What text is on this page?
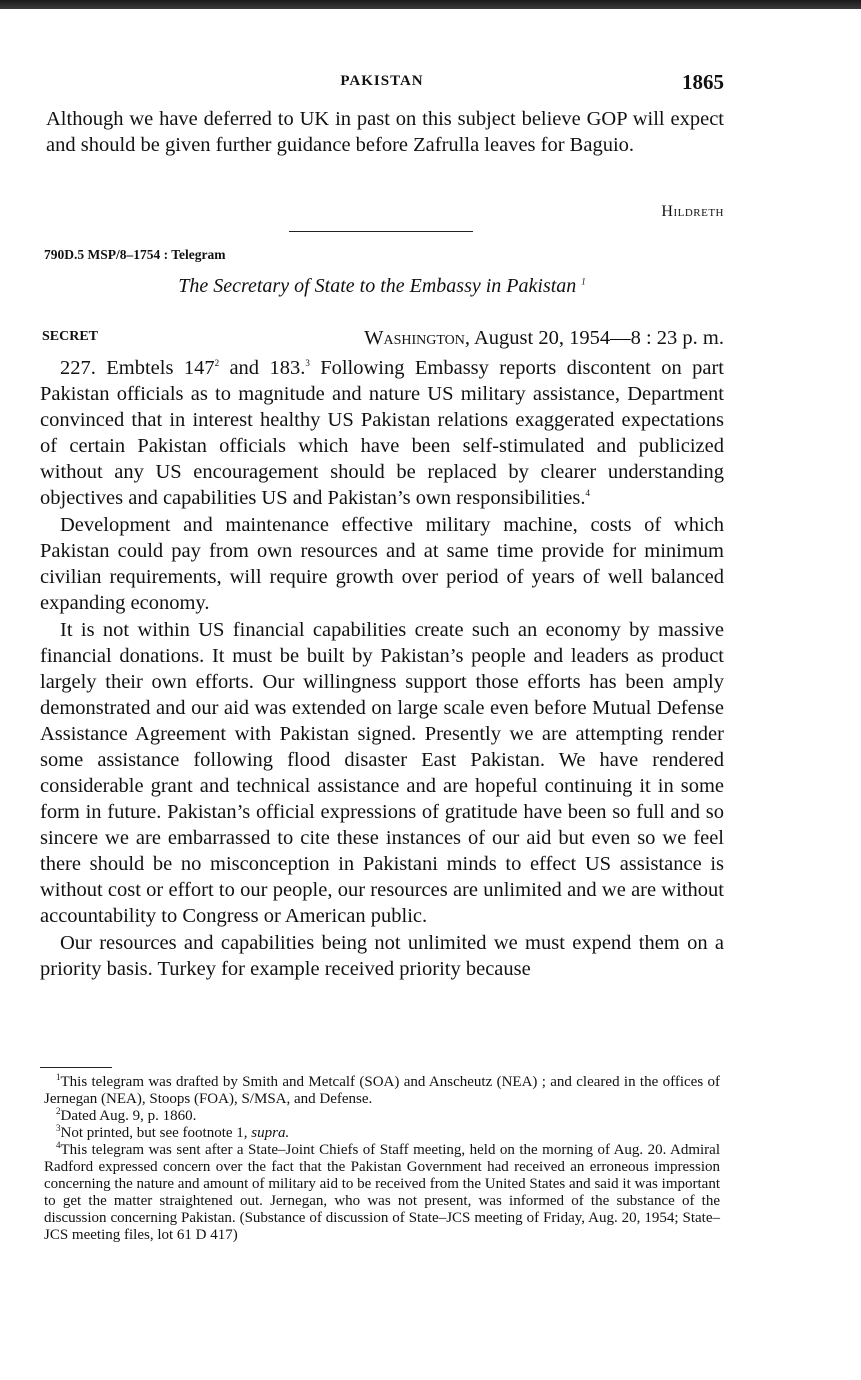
PAKISTAN	1865

Although we have deferred to UK in past on this subject believe GOP will expect and should be given further guidance before Zafrulla leaves for Baguio.

Hildreth
790D.5 MSP/8–1754 : Telegram
The Secretary of State to the Embassy in Pakistan $^1$
SECRET	Washington, August 20, 1954—8 : 23 p. m.

227. Embtels $147^2$ and 183.$^3$ Following Embassy reports discontent on part Pakistan officials as to magnitude and nature US military assistance, Department convinced that in interest healthy US Pakistan relations exaggerated expectations of certain Pakistan officials which have been self-stimulated and publicized without any US encouragement should be replaced by clearer understanding objectives and capabilities US and Pakistan’s own responsibilities.$^4$

Development and maintenance effective military machine, costs of which Pakistan could pay from own resources and at same time provide for minimum civilian requirements, will require growth over period of years of well balanced expanding economy.

It is not within US financial capabilities create such an economy by massive financial donations. It must be built by Pakistan’s people and leaders as product largely their own efforts. Our willingness support those efforts has been amply demonstrated and our aid was extended on large scale even before Mutual Defense Assistance Agreement with Pakistan signed. Presently we are attempting render some assistance following flood disaster East Pakistan. We have rendered considerable grant and technical assistance and are hopeful continuing it in some form in future. Pakistan’s official expressions of gratitude have been so full and so sincere we are embarrassed to cite these instances of our aid but even so we feel there should be no misconception in Pakistani minds to effect US assistance is without cost or effort to our people, our resources are unlimited and we are without accountability to Congress or American public.

Our resources and capabilities being not unlimited we must expend them on a priority basis. Turkey for example received priority because

$^1$This telegram was drafted by Smith and Metcalf (SOA) and Anscheutz (NEA) ; and cleared in the offices of Jernegan (NEA), Stoops (FOA), S/MSA, and Defense.

$^2$Dated Aug. 9, p. 1860.

$^3$Not printed, but see footnote 1, supra.

$^4$This telegram was sent after a State–Joint Chiefs of Staff meeting, held on the morning of Aug. 20. Admiral Radford expressed concern over the fact that the Pakistan Government had received an erroneous impression concerning the nature and amount of military aid to be received from the United States and said it was important to get the matter straightened out. Jernegan, who was not present, was informed of the substance of the discussion concerning Pakistan. (Substance of discussion of State–JCS meeting of Friday, Aug. 20, 1954; State–JCS meeting files, lot 61 D 417)
